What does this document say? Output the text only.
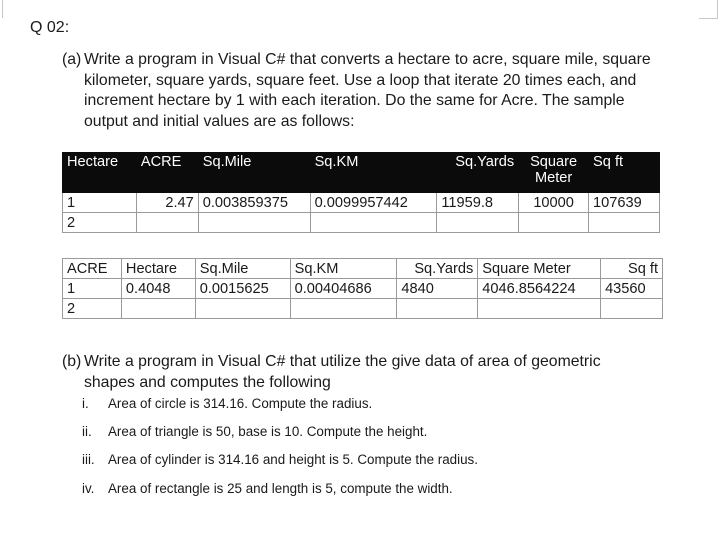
Q 02:
(a) Write a program in Visual C# that converts a hectare to acre, square mile, square
kilometer, square yards, square feet. Use a loop that iterate 20 times each, and
increment hectare by 1 with each iteration. Do the same for Acre. The sample
output and initial values are as follows:
Hectare	ACRE	Sq.Mile	Sq.KM	Sq.Yards	Square
Meter	Sq ft
1	2.47	0.003859375	0.0099957442	11959.8	10000	107639
2						
ACRE	Hectare	Sq.Mile	Sq.KM	Sq.Yards	Square Meter	Sq ft
1	0.4048	0.0015625	0.00404686	4840	4046.8564224	43560
2						
(b) Write a program in Visual C# that utilize the give data of area of geometric
shapes and computes the following
i. Area of circle is 314.16. Compute the radius.
ii. Area of triangle is 50, base is 10. Compute the height.
iii. Area of cylinder is 314.16 and height is 5. Compute the radius.
iv. Area of rectangle is 25 and length is 5, compute the width.
